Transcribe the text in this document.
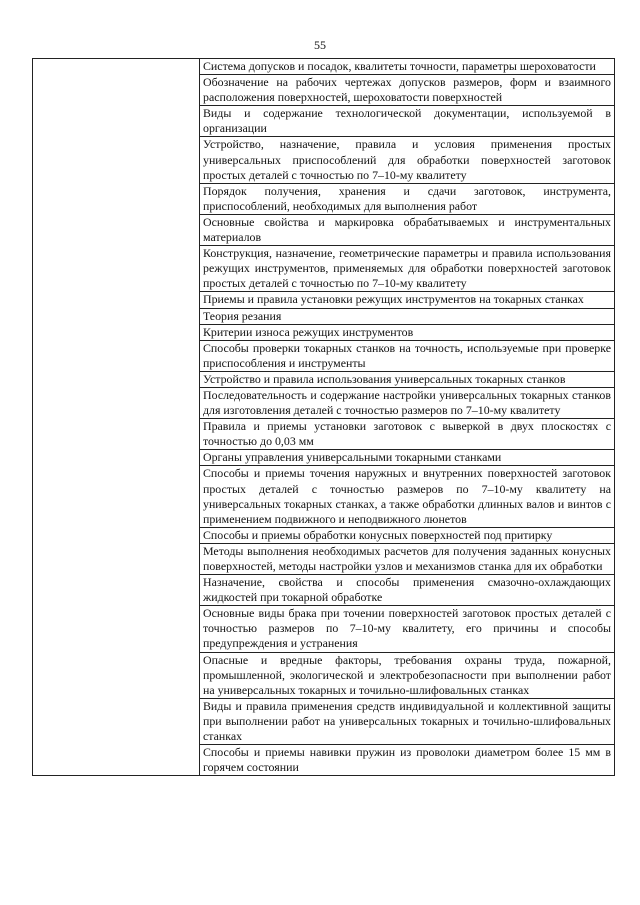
55
	Система допусков и посадок, квалитеты точности, параметры шероховатости
Обозначение на рабочих чертежах допусков размеров, форм и взаимного расположения поверхностей, шероховатости поверхностей
Виды и содержание технологической документации, используемой в организации
Устройство, назначение, правила и условия применения простых универсальных приспособлений для обработки поверхностей заготовок простых деталей с точностью по 7–10-му квалитету
Порядок получения, хранения и сдачи заготовок, инструмента, приспособлений, необходимых для выполнения работ
Основные свойства и маркировка обрабатываемых и инструментальных материалов
Конструкция, назначение, геометрические параметры и правила использования режущих инструментов, применяемых для обработки поверхностей заготовок простых деталей с точностью по 7–10-му квалитету
Приемы и правила установки режущих инструментов на токарных станках
Теория резания
Критерии износа режущих инструментов
Способы проверки токарных станков на точность, используемые при проверке приспособления и инструменты
Устройство и правила использования универсальных токарных станков
Последовательность и содержание настройки универсальных токарных станков для изготовления деталей с точностью размеров по 7–10-му квалитету
Правила и приемы установки заготовок с выверкой в двух плоскостях с точностью до 0,03 мм
Органы управления универсальными токарными станками
Способы и приемы точения наружных и внутренних поверхностей заготовок простых деталей с точностью размеров по 7–10-му квалитету на универсальных токарных станках, а также обработки длинных валов и винтов с применением подвижного и неподвижного люнетов
Способы и приемы обработки конусных поверхностей под притирку
Методы выполнения необходимых расчетов для получения заданных конусных поверхностей, методы настройки узлов и механизмов станка для их обработки
Назначение, свойства и способы применения смазочно-охлаждающих жидкостей при токарной обработке
Основные виды брака при точении поверхностей заготовок простых деталей с точностью размеров по 7–10-му квалитету, его причины и способы предупреждения и устранения
Опасные и вредные факторы, требования охраны труда, пожарной, промышленной, экологической и электробезопасности при выполнении работ на универсальных токарных и точильно-шлифовальных станках
Виды и правила применения средств индивидуальной и коллективной защиты при выполнении работ на универсальных токарных и точильно-шлифовальных станках
Способы и приемы навивки пружин из проволоки диаметром более 15 мм в горячем состоянии
